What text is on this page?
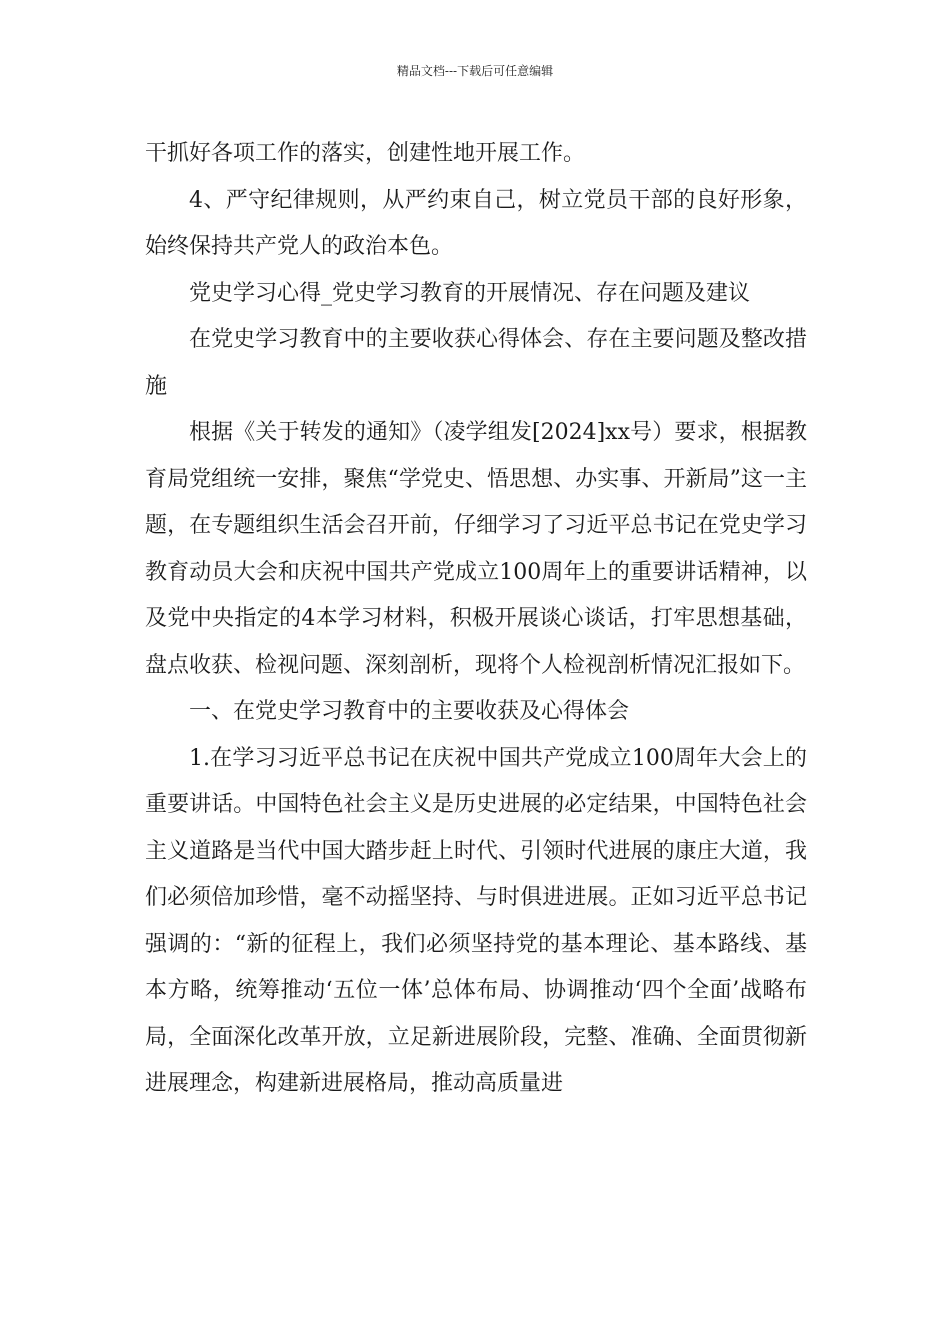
精品文档---下载后可任意编辑

干抓好各项工作的落实，创建性地开展工作。

4、严守纪律规则，从严约束自己，树立党员干部的良好形象，始终保持共产党人的政治本色。

党史学习心得_党史学习教育的开展情况、存在问题及建议

在党史学习教育中的主要收获心得体会、存在主要问题及整改措施

根据《关于转发的通知》（凌学组发[2024]xx号）要求，根据教育局党组统一安排，聚焦“学党史、悟思想、办实事、开新局”这一主题，在专题组织生活会召开前，仔细学习了习近平总书记在党史学习教育动员大会和庆祝中国共产党成立100周年上的重要讲话精神，以及党中央指定的4本学习材料，积极开展谈心谈话，打牢思想基础，盘点收获、检视问题、深刻剖析，现将个人检视剖析情况汇报如下。

一、在党史学习教育中的主要收获及心得体会

1.在学习习近平总书记在庆祝中国共产党成立100周年大会上的重要讲话。中国特色社会主义是历史进展的必定结果，中国特色社会主义道路是当代中国大踏步赶上时代、引领时代进展的康庄大道，我们必须倍加珍惜，毫不动摇坚持、与时俱进进展。正如习近平总书记强调的：“新的征程上，我们必须坚持党的基本理论、基本路线、基本方略，统筹推动‘五位一体’总体布局、协调推动‘四个全面’战略布局，全面深化改革开放，立足新进展阶段，完整、准确、全面贯彻新进展理念，构建新进展格局，推动高质量进
